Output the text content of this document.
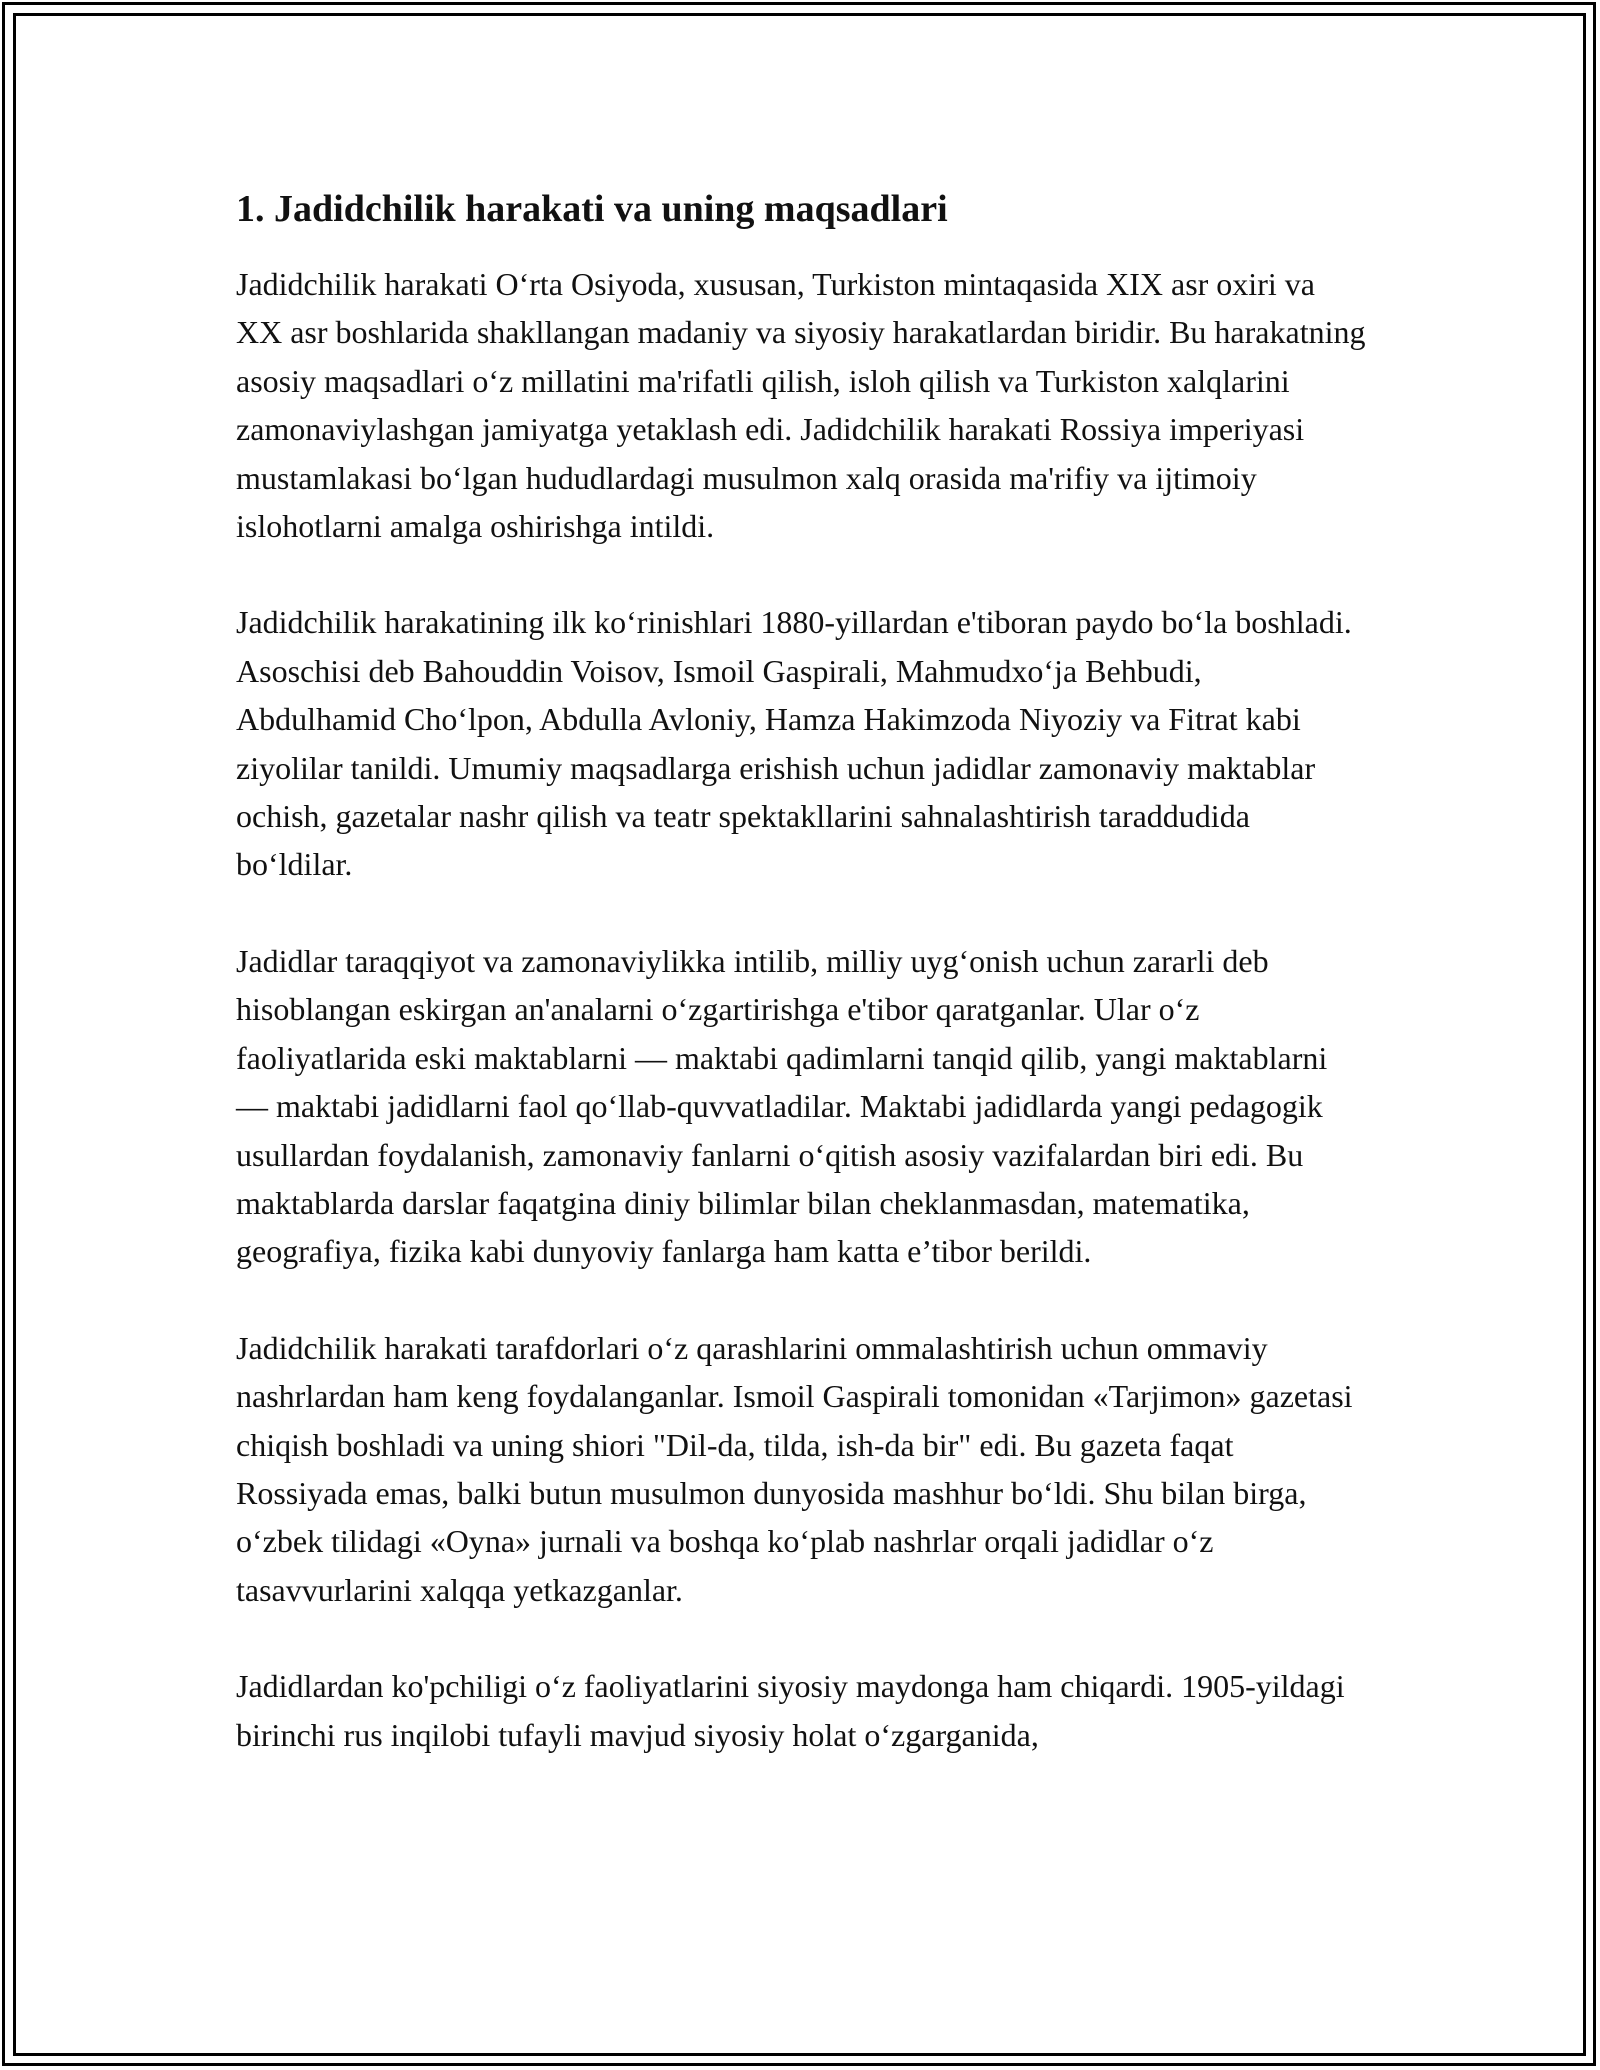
1. Jadidchilik harakati va uning maqsadlari

Jadidchilik harakati O‘rta Osiyoda, xususan, Turkiston mintaqasida XIX asr oxiri va XX asr boshlarida shakllangan madaniy va siyosiy harakatlardan biridir. Bu harakatning asosiy maqsadlari o‘z millatini ma'rifatli qilish, isloh qilish va Turkiston xalqlarini zamonaviylashgan jamiyatga yetaklash edi. Jadidchilik harakati Rossiya imperiyasi mustamlakasi bo‘lgan hududlardagi musulmon xalq orasida ma'rifiy va ijtimoiy islohotlarni amalga oshirishga intildi.

Jadidchilik harakatining ilk ko‘rinishlari 1880-yillardan e'tiboran paydo bo‘la boshladi. Asoschisi deb Bahouddin Voisov, Ismoil Gaspirali, Mahmudxo‘ja Behbudi, Abdulhamid Cho‘lpon, Abdulla Avloniy, Hamza Hakimzoda Niyoziy va Fitrat kabi ziyolilar tanildi. Umumiy maqsadlarga erishish uchun jadidlar zamonaviy maktablar ochish, gazetalar nashr qilish va teatr spektakllarini sahnalashtirish taraddudida bo‘ldilar.

Jadidlar taraqqiyot va zamonaviylikka intilib, milliy uyg‘onish uchun zararli deb hisoblangan eskirgan an'analarni o‘zgartirishga e'tibor qaratganlar. Ular o‘z faoliyatlarida eski maktablarni — maktabi qadimlarni tanqid qilib, yangi maktablarni — maktabi jadidlarni faol qo‘llab-quvvatladilar. Maktabi jadidlarda yangi pedagogik usullardan foydalanish, zamonaviy fanlarni o‘qitish asosiy vazifalardan biri edi. Bu maktablarda darslar faqatgina diniy bilimlar bilan cheklanmasdan, matematika, geografiya, fizika kabi dunyoviy fanlarga ham katta e’tibor berildi.

Jadidchilik harakati tarafdorlari o‘z qarashlarini ommalashtirish uchun ommaviy nashrlardan ham keng foydalanganlar. Ismoil Gaspirali tomonidan «Tarjimon» gazetasi chiqish boshladi va uning shiori "Dil-da, tilda, ish-da bir" edi. Bu gazeta faqat Rossiyada emas, balki butun musulmon dunyosida mashhur bo‘ldi. Shu bilan birga, o‘zbek tilidagi «Oyna» jurnali va boshqa ko‘plab nashrlar orqali jadidlar o‘z tasavvurlarini xalqqa yetkazganlar.

Jadidlardan ko'pchiligi o‘z faoliyatlarini siyosiy maydonga ham chiqardi. 1905-yildagi birinchi rus inqilobi tufayli mavjud siyosiy holat o‘zgarganida,
